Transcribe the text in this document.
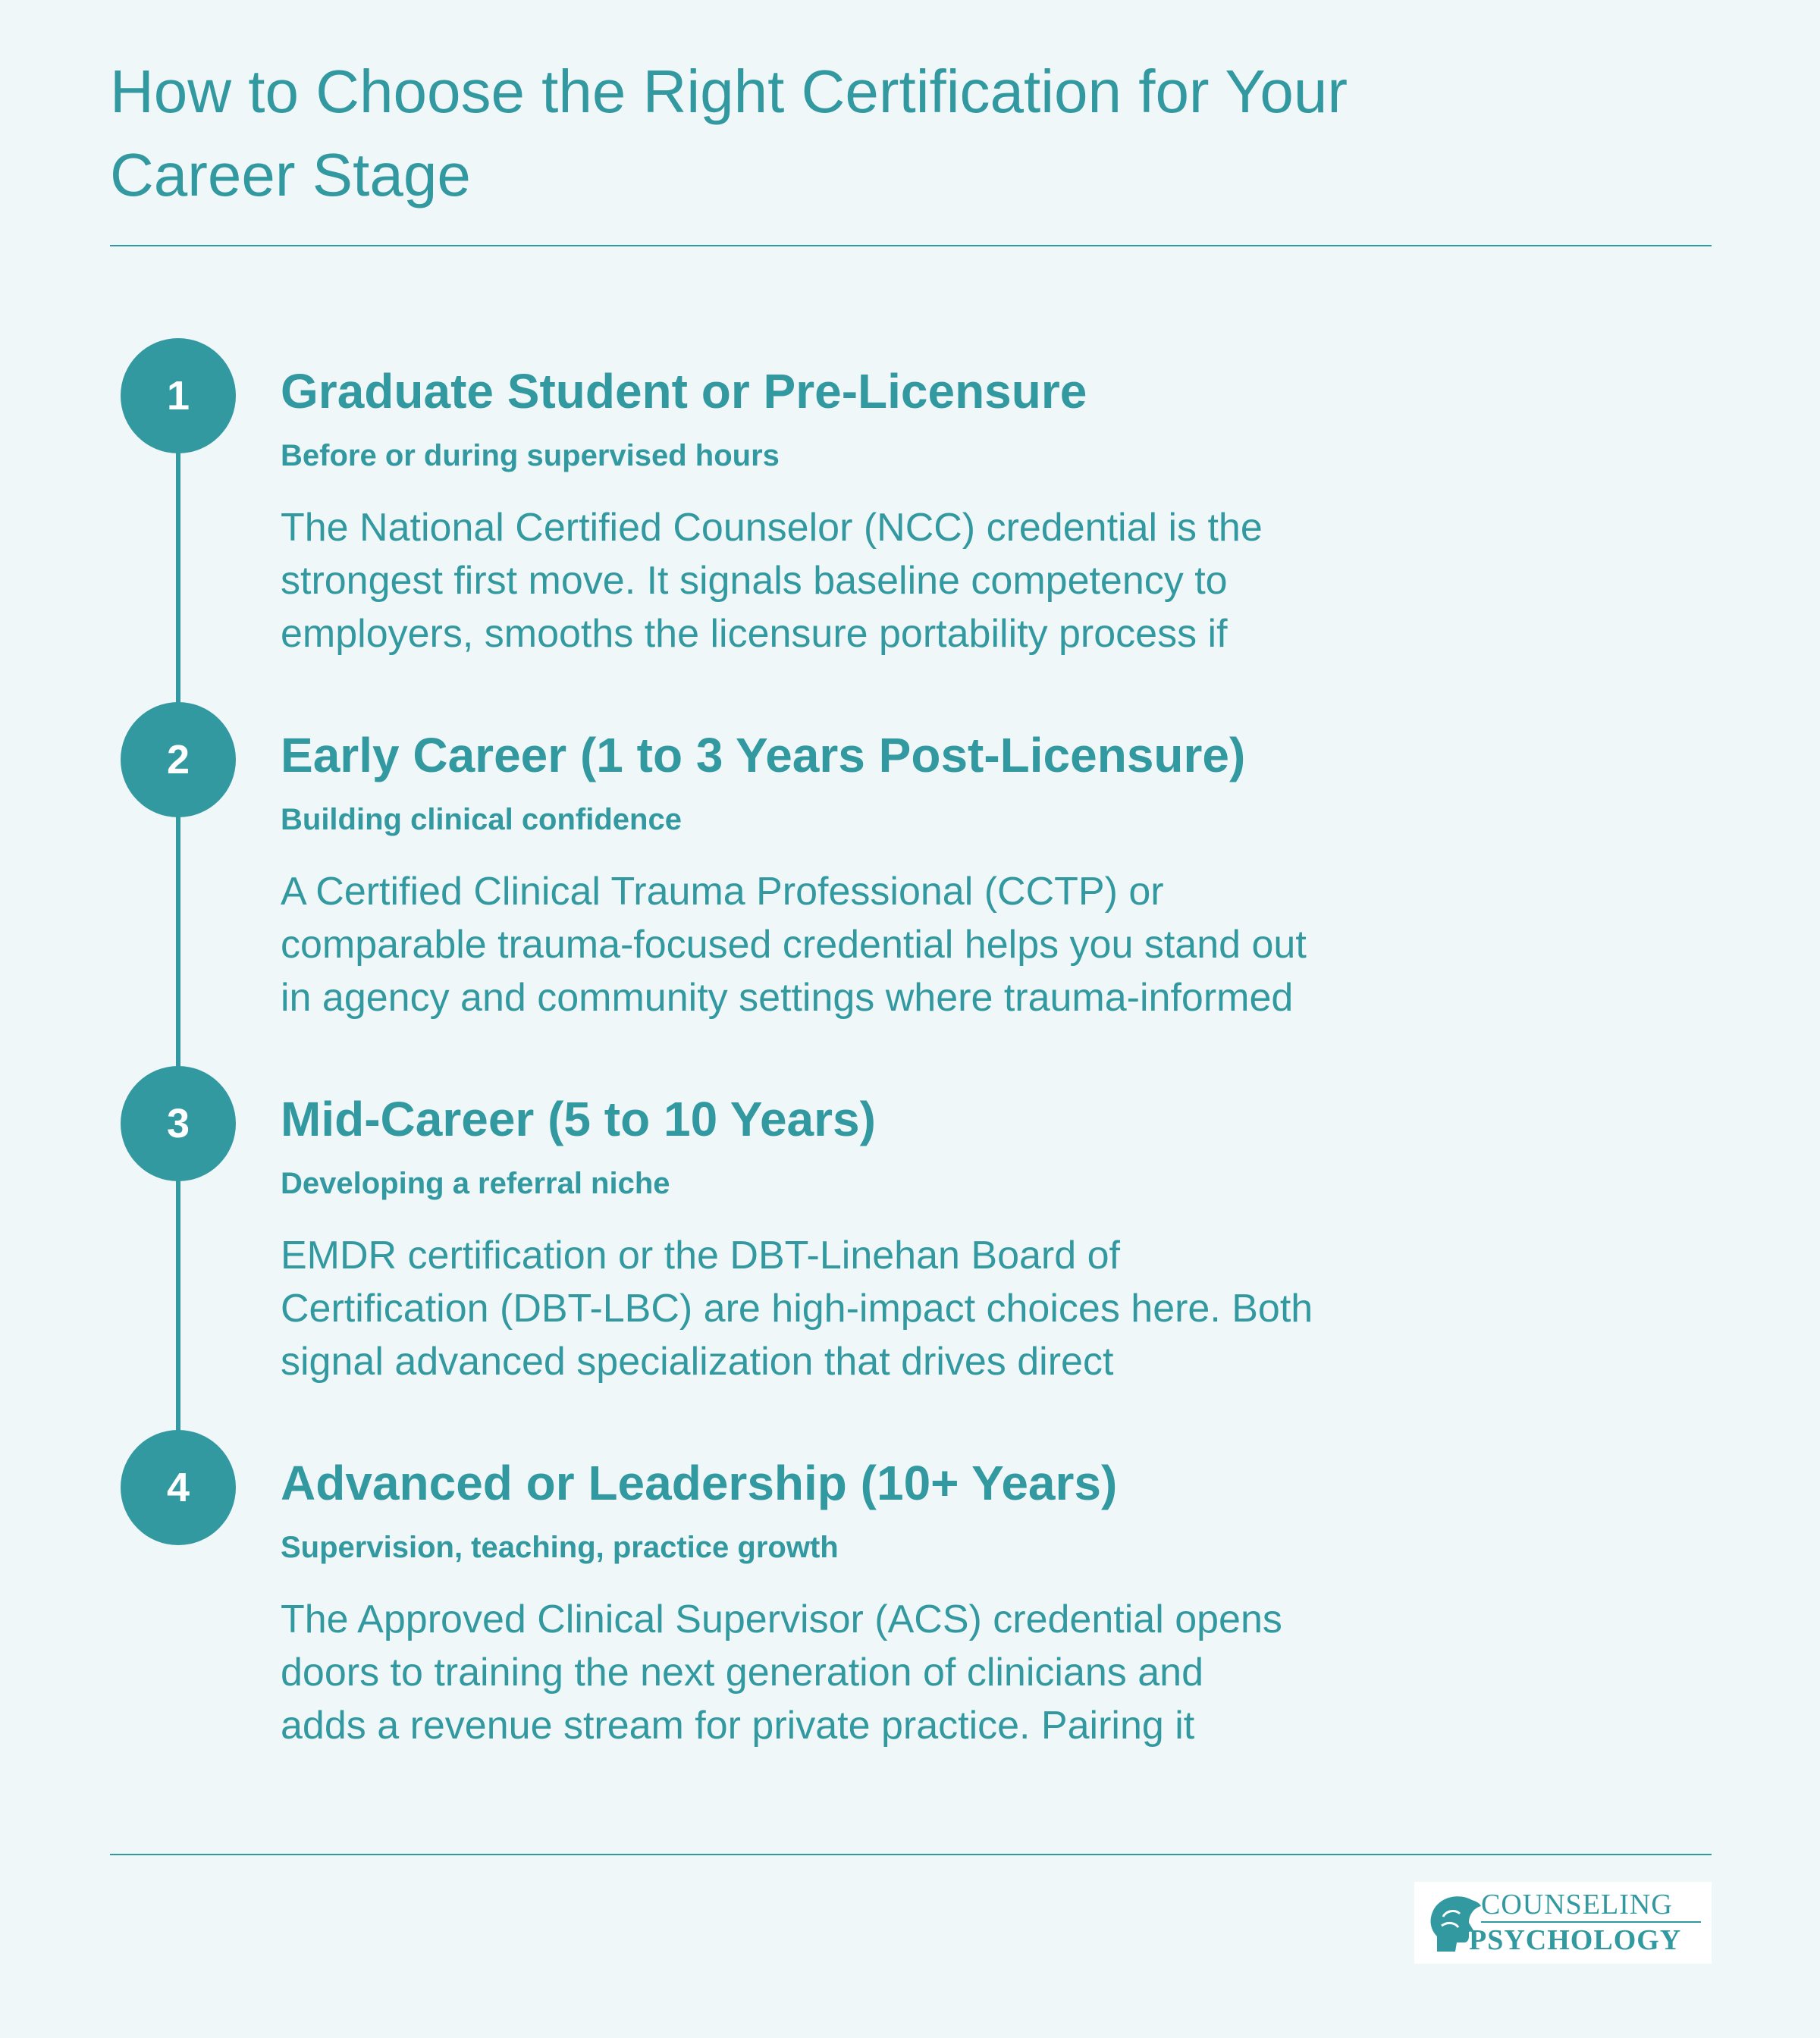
How to Choose the Right Certification for Your
Career Stage
1	Graduate Student or Pre-Licensure
Before or during supervised hours
The National Certified Counselor (NCC) credential is the
strongest first move. It signals baseline competency to
employers, smooths the licensure portability process if
2	Early Career (1 to 3 Years Post-Licensure)
Building clinical confidence
A Certified Clinical Trauma Professional (CCTP) or
comparable trauma-focused credential helps you stand out
in agency and community settings where trauma-informed
3	Mid-Career (5 to 10 Years)
Developing a referral niche
EMDR certification or the DBT-Linehan Board of
Certification (DBT-LBC) are high-impact choices here. Both
signal advanced specialization that drives direct
4	Advanced or Leadership (10+ Years)
Supervision, teaching, practice growth
The Approved Clinical Supervisor (ACS) credential opens
doors to training the next generation of clinicians and
adds a revenue stream for private practice. Pairing it
COUNSELING
PSYCHOLOGY
